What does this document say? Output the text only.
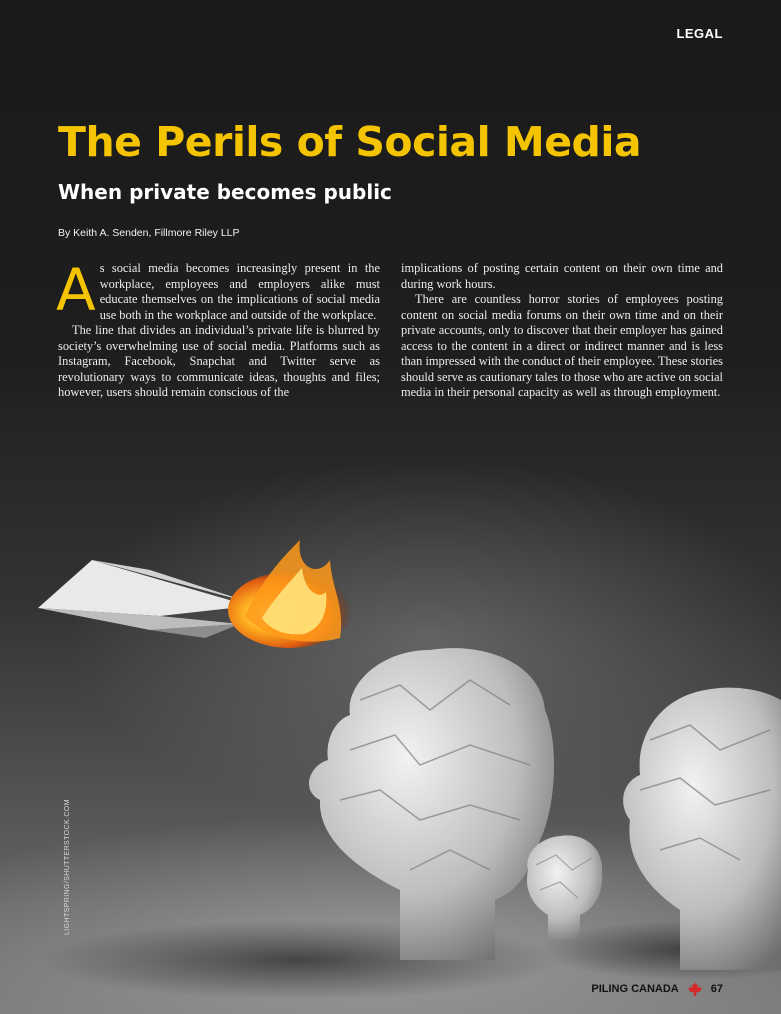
LEGAL
The Perils of Social Media
When private becomes public
By Keith A. Senden, Fillmore Riley LLP

As social media becomes increasingly present in the workplace, employees and employers alike must educate themselves on the implications of social media use both in the workplace and outside of the workplace.

The line that divides an individual’s private life is blurred by society’s overwhelming use of social media. Platforms such as Instagram, Facebook, Snapchat and Twitter serve as revolutionary ways to communicate ideas, thoughts and files; however, users should remain conscious of the

implications of posting certain content on their own time and during work hours.

There are countless horror stories of employees posting content on social media forums on their own time and on their private accounts, only to discover that their employer has gained access to the content in a direct or indirect manner and is less than impressed with the conduct of their employee. These stories should serve as cautionary tales to those who are active on social media in their personal capacity as well as through employment.

LIGHTSPRING/SHUTTERSTOCK.COM
PILING CANADA	67
